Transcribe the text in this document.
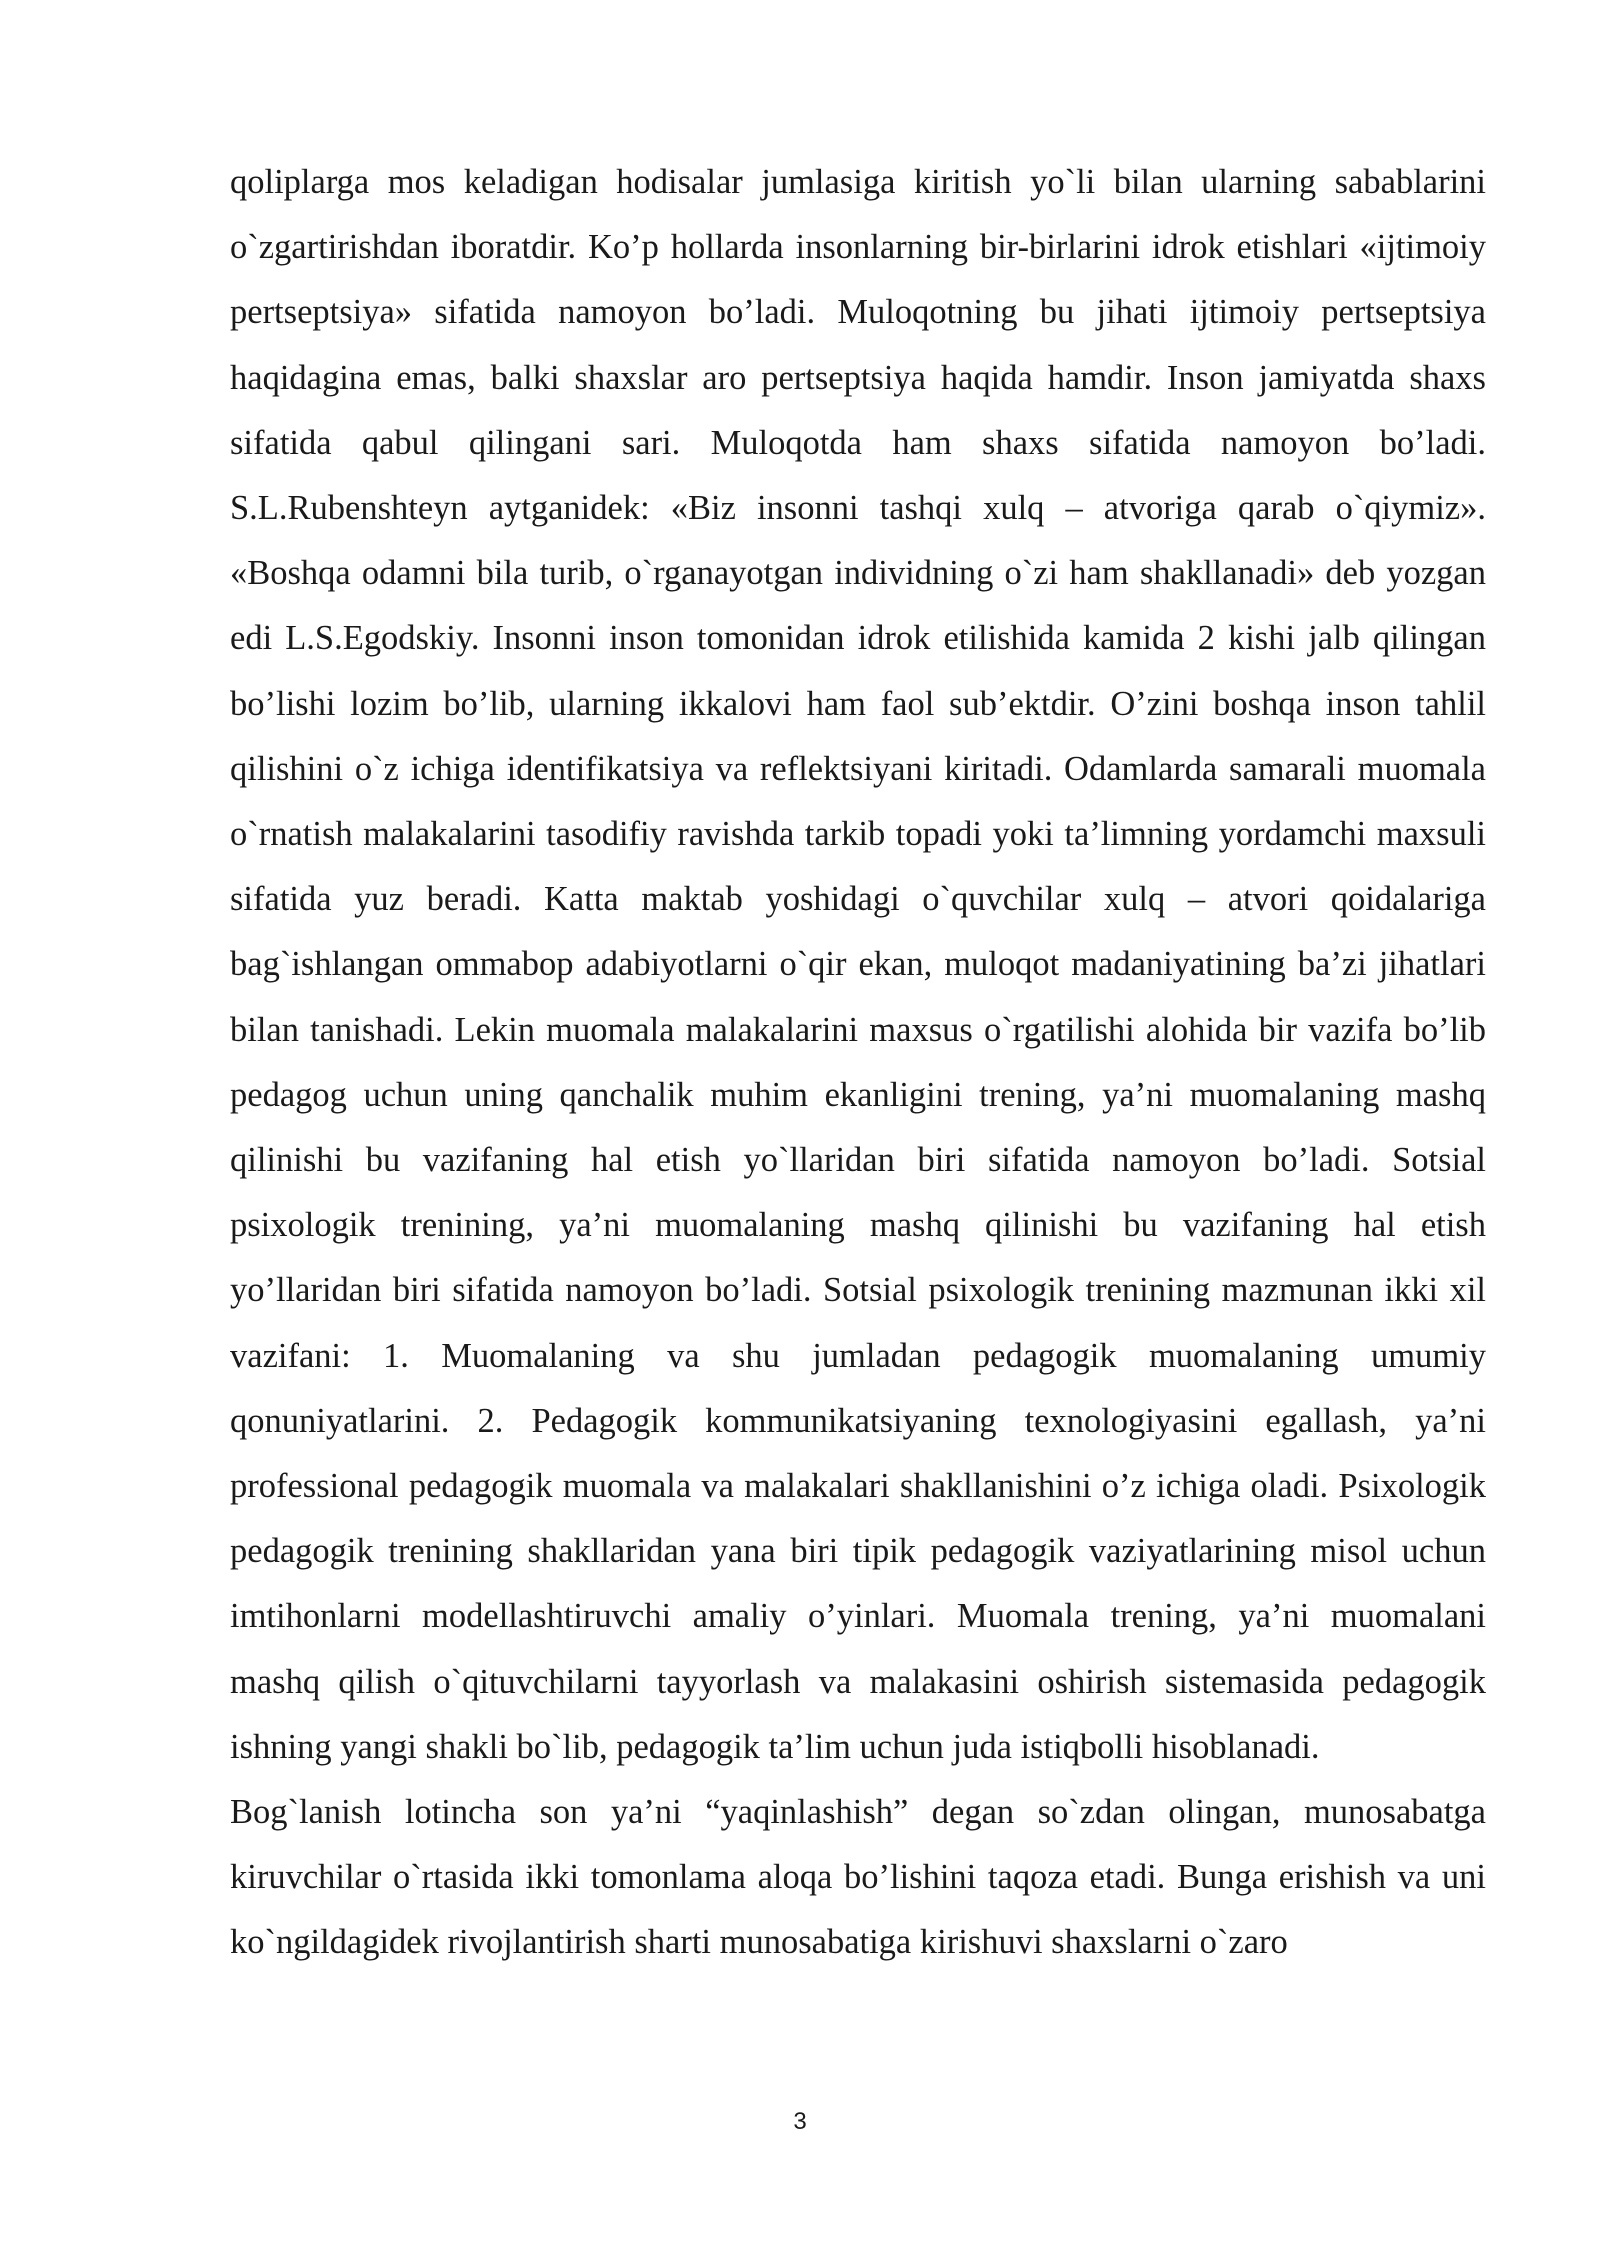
qoliplarga mos keladigan hodisalar jumlasiga kiritish yo`li bilan ularning sabablarini o`zgartirishdan iboratdir. Ko’p hollarda insonlarning bir-birlarini idrok etishlari «ijtimoiy pertseptsiya» sifatida namoyon bo’ladi. Muloqotning bu jihati ijtimoiy pertseptsiya haqidagina emas, balki shaxslar aro pertseptsiya haqida hamdir. Inson jamiyatda shaxs sifatida qabul qilingani sari. Muloqotda ham shaxs sifatida namoyon bo’ladi. S.L.Rubenshteyn aytganidek: «Biz insonni tashqi xulq – atvoriga qarab o`qiymiz». «Boshqa odamni bila turib, o`rganayotgan individning o`zi ham shakllanadi» deb yozgan edi L.S.Egodskiy. Insonni inson tomonidan idrok etilishida kamida 2 kishi jalb qilingan bo’lishi lozim bo’lib, ularning ikkalovi ham faol sub’ektdir. O’zini boshqa inson tahlil qilishini o`z ichiga identifikatsiya va reflektsiyani kiritadi. Odamlarda samarali muomala o`rnatish malakalarini tasodifiy ravishda tarkib topadi yoki ta’limning yordamchi maxsuli sifatida yuz beradi. Katta maktab yoshidagi o`quvchilar xulq – atvori qoidalariga bag`ishlangan ommabop adabiyotlarni o`qir ekan, muloqot madaniyatining ba’zi jihatlari bilan tanishadi. Lekin muomala malakalarini maxsus o`rgatilishi alohida bir vazifa bo’lib pedagog uchun uning qanchalik muhim ekanligini trening, ya’ni muomalaning mashq qilinishi bu vazifaning hal etish yo`llaridan biri sifatida namoyon bo’ladi. Sotsial psixologik trenining, ya’ni muomalaning mashq qilinishi bu vazifaning hal etish yo’llaridan biri sifatida namoyon bo’ladi. Sotsial psixologik trenining mazmunan ikki xil vazifani: 1. Muomalaning va shu jumladan pedagogik muomalaning umumiy qonuniyatlarini. 2. Pedagogik kommunikatsiyaning texnologiyasini egallash, ya’ni professional pedagogik muomala va malakalari shakllanishini o’z ichiga oladi. Psixologik pedagogik trenining shakllaridan yana biri tipik pedagogik vaziyatlarining misol uchun imtihonlarni modellashtiruvchi amaliy o’yinlari. Muomala trening, ya’ni muomalani mashq qilish o`qituvchilarni tayyorlash va malakasini oshirish sistemasida pedagogik ishning yangi shakli bo`lib, pedagogik ta’lim uchun juda istiqbolli hisoblanadi.

Bog`lanish lotincha son ya’ni “yaqinlashish” degan so`zdan olingan, munosabatga kiruvchilar o`rtasida ikki tomonlama aloqa bo’lishini taqoza etadi. Bunga erishish va uni ko`ngildagidek rivojlantirish sharti munosabatiga kirishuvi shaxslarni o`zaro

3
